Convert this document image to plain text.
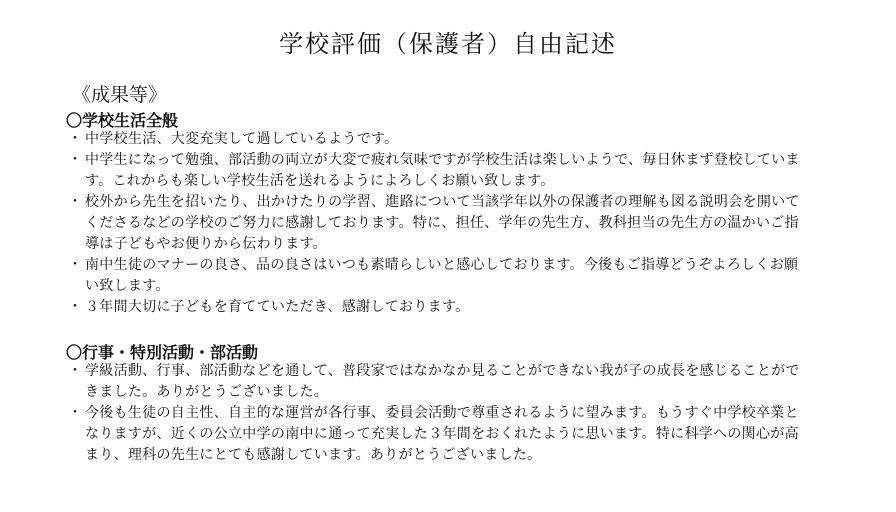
学校評価（保護者）自由記述
《成果等》
〇学校生活全般
・ 中学校生活、大変充実して過しているようです。
・ 中学生になって勉強、部活動の両立が大変で疲れ気味ですが学校生活は楽しいようで、毎日休まず登校しています。これからも楽しい学校生活を送れるようによろしくお願い致します。
・ 校外から先生を招いたり、出かけたりの学習、進路について当該学年以外の保護者の理解も図る説明会を開いてくださるなどの学校のご努力に感謝しております。特に、担任、学年の先生方、教科担当の先生方の温かいご指導は子どもやお便りから伝わります。
・ 南中生徒のマナーの良さ、品の良さはいつも素晴らしいと感心しております。今後もご指導どうぞよろしくお願い致します。
・ ３年間大切に子どもを育てていただき、感謝しております。
〇行事・特別活動・部活動
・ 学級活動、行事、部活動などを通して、普段家ではなかなか見ることができない我が子の成長を感じることができました。ありがとうございました。
・ 今後も生徒の自主性、自主的な運営が各行事、委員会活動で尊重されるように望みます。もうすぐ中学校卒業となりますが、近くの公立中学の南中に通って充実した３年間をおくれたように思います。特に科学への関心が高まり、理科の先生にとても感謝しています。ありがとうございました。
